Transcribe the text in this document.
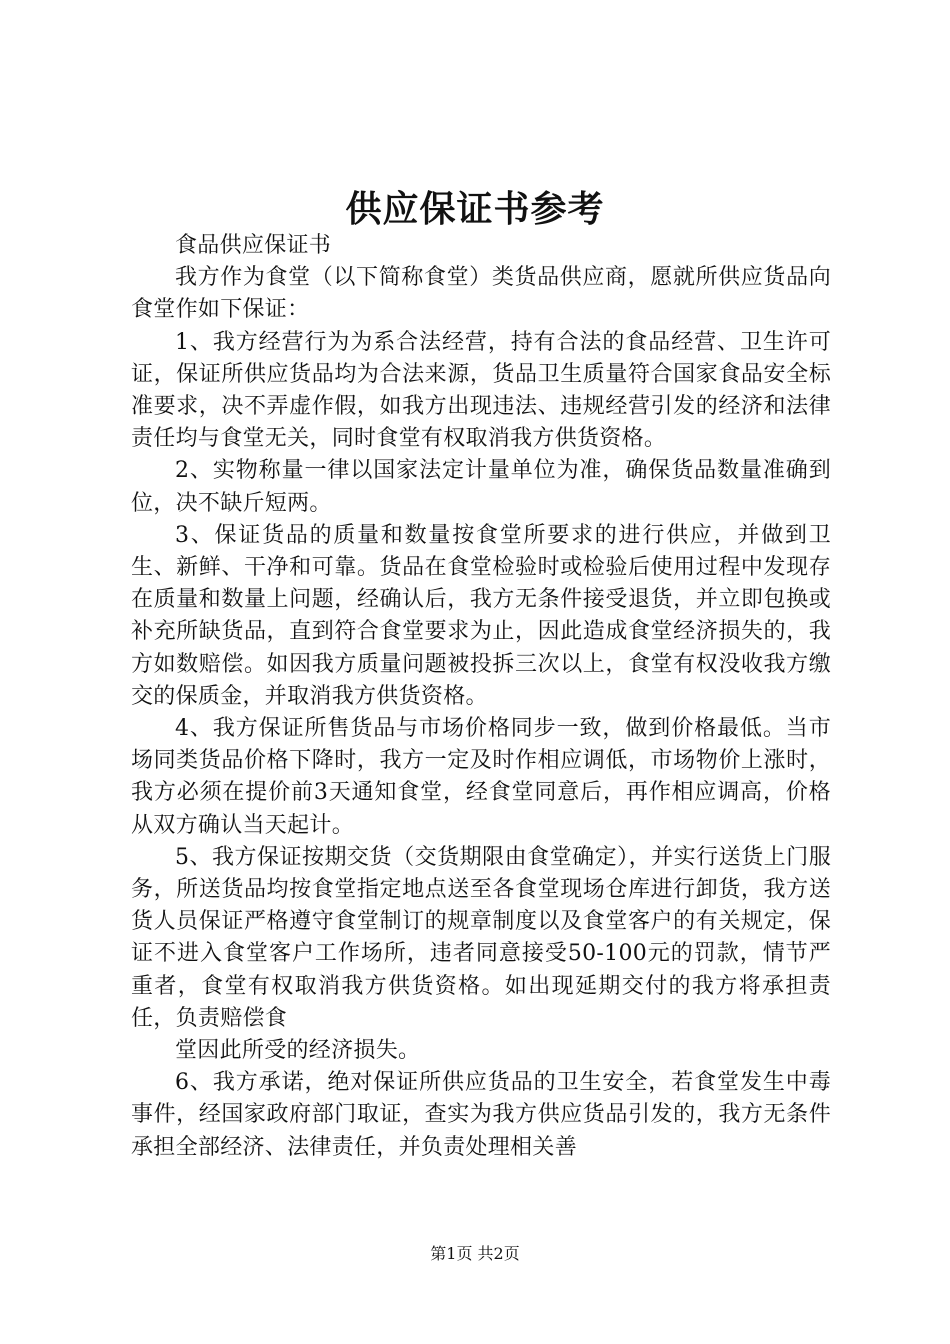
供应保证书参考

食品供应保证书

我方作为食堂（以下简称食堂）类货品供应商，愿就所供应货品向食堂作如下保证：

1、我方经营行为为系合法经营，持有合法的食品经营、卫生许可证，保证所供应货品均为合法来源，货品卫生质量符合国家食品安全标准要求，决不弄虚作假，如我方出现违法、违规经营引发的经济和法律责任均与食堂无关，同时食堂有权取消我方供货资格。

2、实物称量一律以国家法定计量单位为准，确保货品数量准确到位，决不缺斤短两。

3、保证货品的质量和数量按食堂所要求的进行供应，并做到卫生、新鲜、干净和可靠。货品在食堂检验时或检验后使用过程中发现存在质量和数量上问题，经确认后，我方无条件接受退货，并立即包换或补充所缺货品，直到符合食堂要求为止，因此造成食堂经济损失的，我方如数赔偿。如因我方质量问题被投拆三次以上，食堂有权没收我方缴交的保质金，并取消我方供货资格。

4、我方保证所售货品与市场价格同步一致，做到价格最低。当市场同类货品价格下降时，我方一定及时作相应调低，市场物价上涨时，我方必须在提价前3天通知食堂，经食堂同意后，再作相应调高，价格从双方确认当天起计。

5、我方保证按期交货（交货期限由食堂确定），并实行送货上门服务，所送货品均按食堂指定地点送至各食堂现场仓库进行卸货，我方送货人员保证严格遵守食堂制订的规章制度以及食堂客户的有关规定，保证不进入食堂客户工作场所，违者同意接受50-100元的罚款，情节严重者，食堂有权取消我方供货资格。如出现延期交付的我方将承担责任，负责赔偿食

堂因此所受的经济损失。

6、我方承诺，绝对保证所供应货品的卫生安全，若食堂发生中毒事件，经国家政府部门取证，查实为我方供应货品引发的，我方无条件承担全部经济、法律责任，并负责处理相关善

第1页 共2页
